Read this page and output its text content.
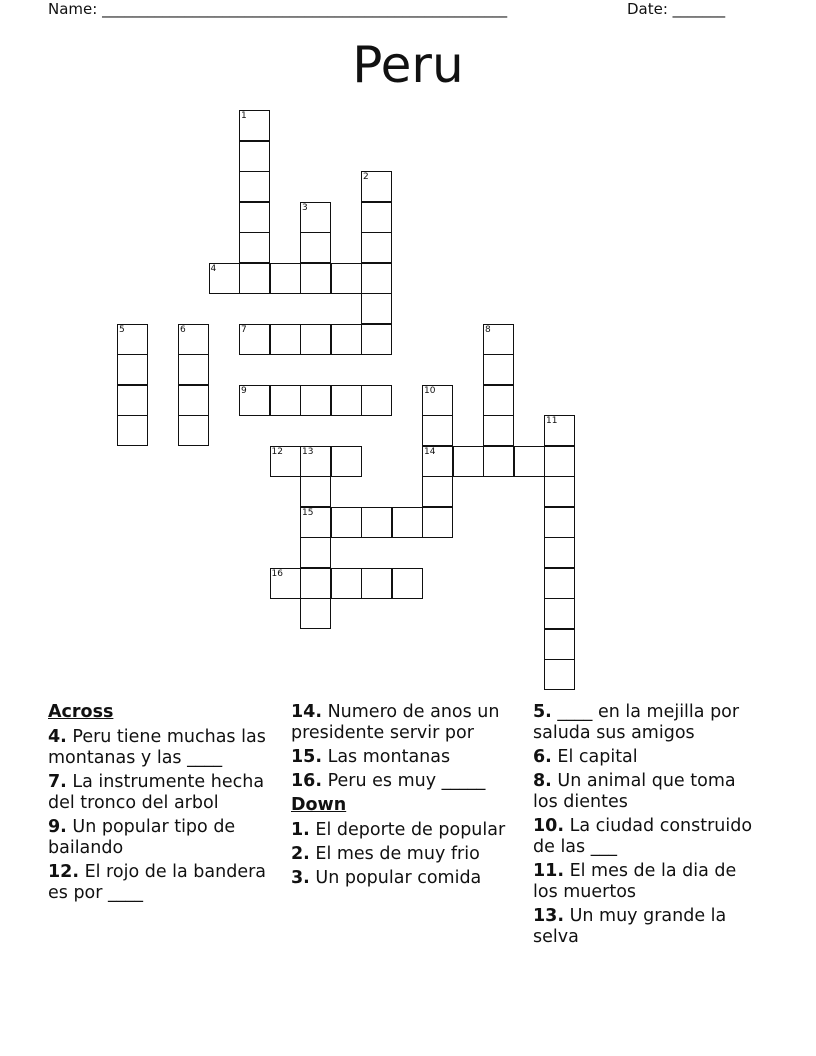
Name: ______________________________________________________	Date: _______
Peru
1
2
3
4
5	6	7	8
9	10
14
11
12 13
15
16
Across
4. Peru tiene muchas las montanas y las ____
7. La instrumente hecha del tronco del arbol
9. Un popular tipo de bailando
12. El rojo de la bandera es por ____
14. Numero de anos un presidente servir por
15. Las montanas
16. Peru es muy _____
Down
1. El deporte de popular
2. El mes de muy frio
3. Un popular comida
5. ____ en la mejilla por saluda sus amigos
6. El capital
8. Un animal que toma los dientes
10. La ciudad construido de las ___
11. El mes de la dia de los muertos
13. Un muy grande la selva
